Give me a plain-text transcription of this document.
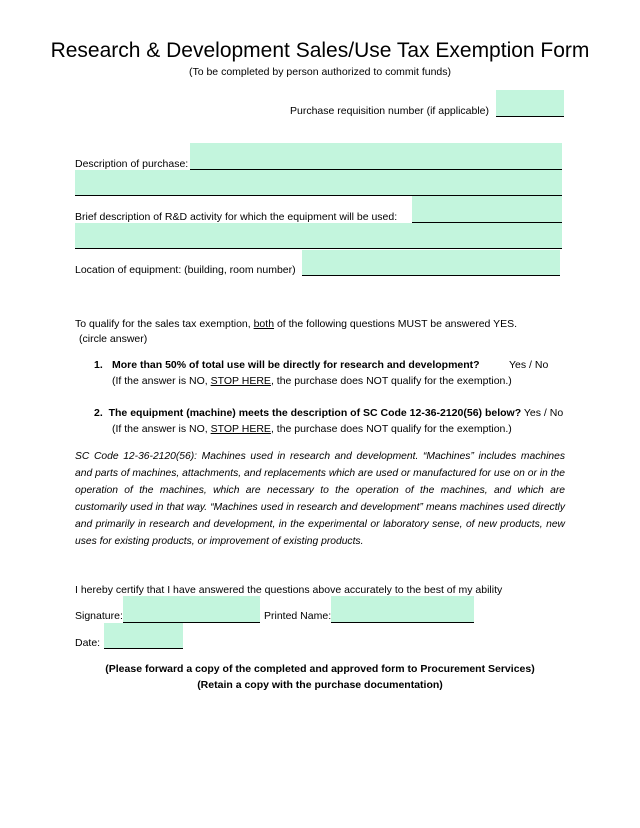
Research & Development Sales/Use Tax Exemption Form
(To be completed by person authorized to commit funds)
Purchase requisition number (if applicable)
Description of purchase:
Brief description of R&D activity for which the equipment will be used:
Location of equipment: (building, room number)
To qualify for the sales tax exemption, both of the following questions MUST be answered YES.
(circle answer)
1. More than 50% of total use will be directly for research and development?	Yes / No
(If the answer is NO, STOP HERE, the purchase does NOT qualify for the exemption.)
2. The equipment (machine) meets the description of SC Code 12-36-2120(56) below? Yes / No
(If the answer is NO, STOP HERE, the purchase does NOT qualify for the exemption.)
SC Code 12-36-2120(56): Machines used in research and development. “Machines” includes machines and parts of machines, attachments, and replacements which are used or manufactured for use on or in the operation of the machines, which are necessary to the operation of the machines, and which are customarily used in that way. “Machines used in research and development” means machines used directly and primarily in research and development, in the experimental or laboratory sense, of new products, new uses for existing products, or improvement of existing products.
I hereby certify that I have answered the questions above accurately to the best of my ability
Signature:	Printed Name:
Date:
(Please forward a copy of the completed and approved form to Procurement Services)
(Retain a copy with the purchase documentation)
